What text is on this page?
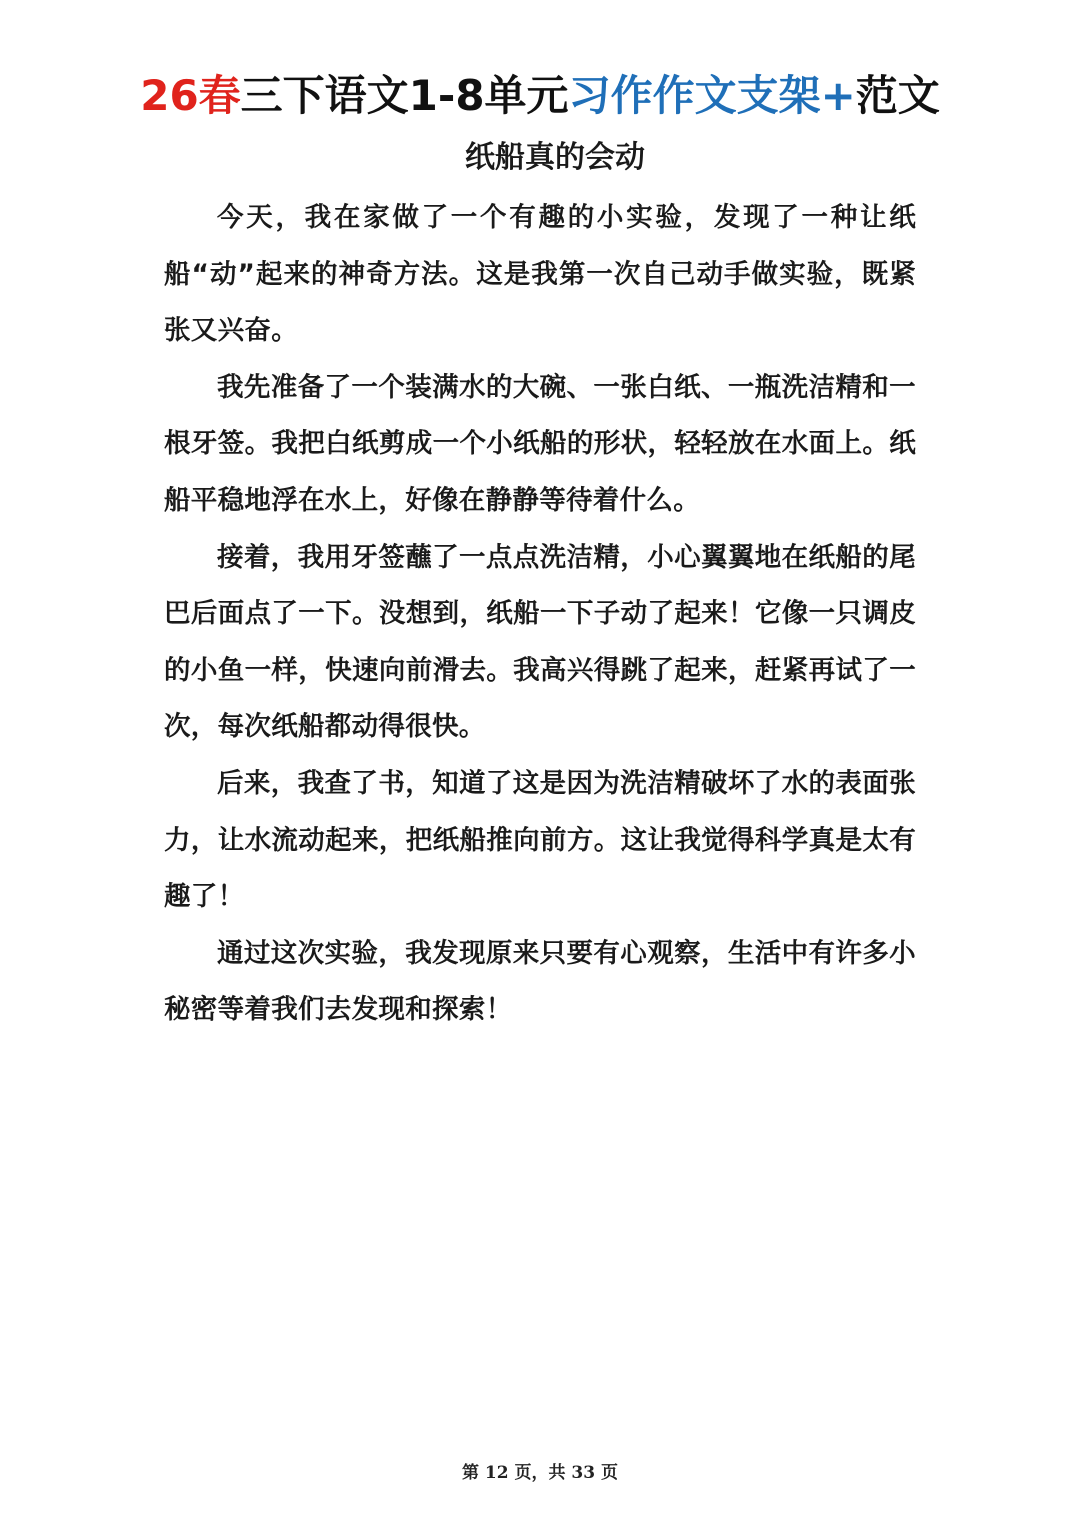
26春三下语文1-8单元习作作文支架+范文
纸船真的会动

今天，我在家做了一个有趣的小实验，发现了一种让纸船“动”起来的神奇方法。这是我第一次自己动手做实验，既紧张又兴奋。

我先准备了一个装满水的大碗、一张白纸、一瓶洗洁精和一根牙签。我把白纸剪成一个小纸船的形状，轻轻放在水面上。纸船平稳地浮在水上，好像在静静等待着什么。

接着，我用牙签蘸了一点点洗洁精，小心翼翼地在纸船的尾巴后面点了一下。没想到，纸船一下子动了起来！它像一只调皮的小鱼一样，快速向前滑去。我高兴得跳了起来，赶紧再试了一次，每次纸船都动得很快。

后来，我查了书，知道了这是因为洗洁精破坏了水的表面张力，让水流动起来，把纸船推向前方。这让我觉得科学真是太有趣了！

通过这次实验，我发现原来只要有心观察，生活中有许多小秘密等着我们去发现和探索！

第 12 页，共 33 页
